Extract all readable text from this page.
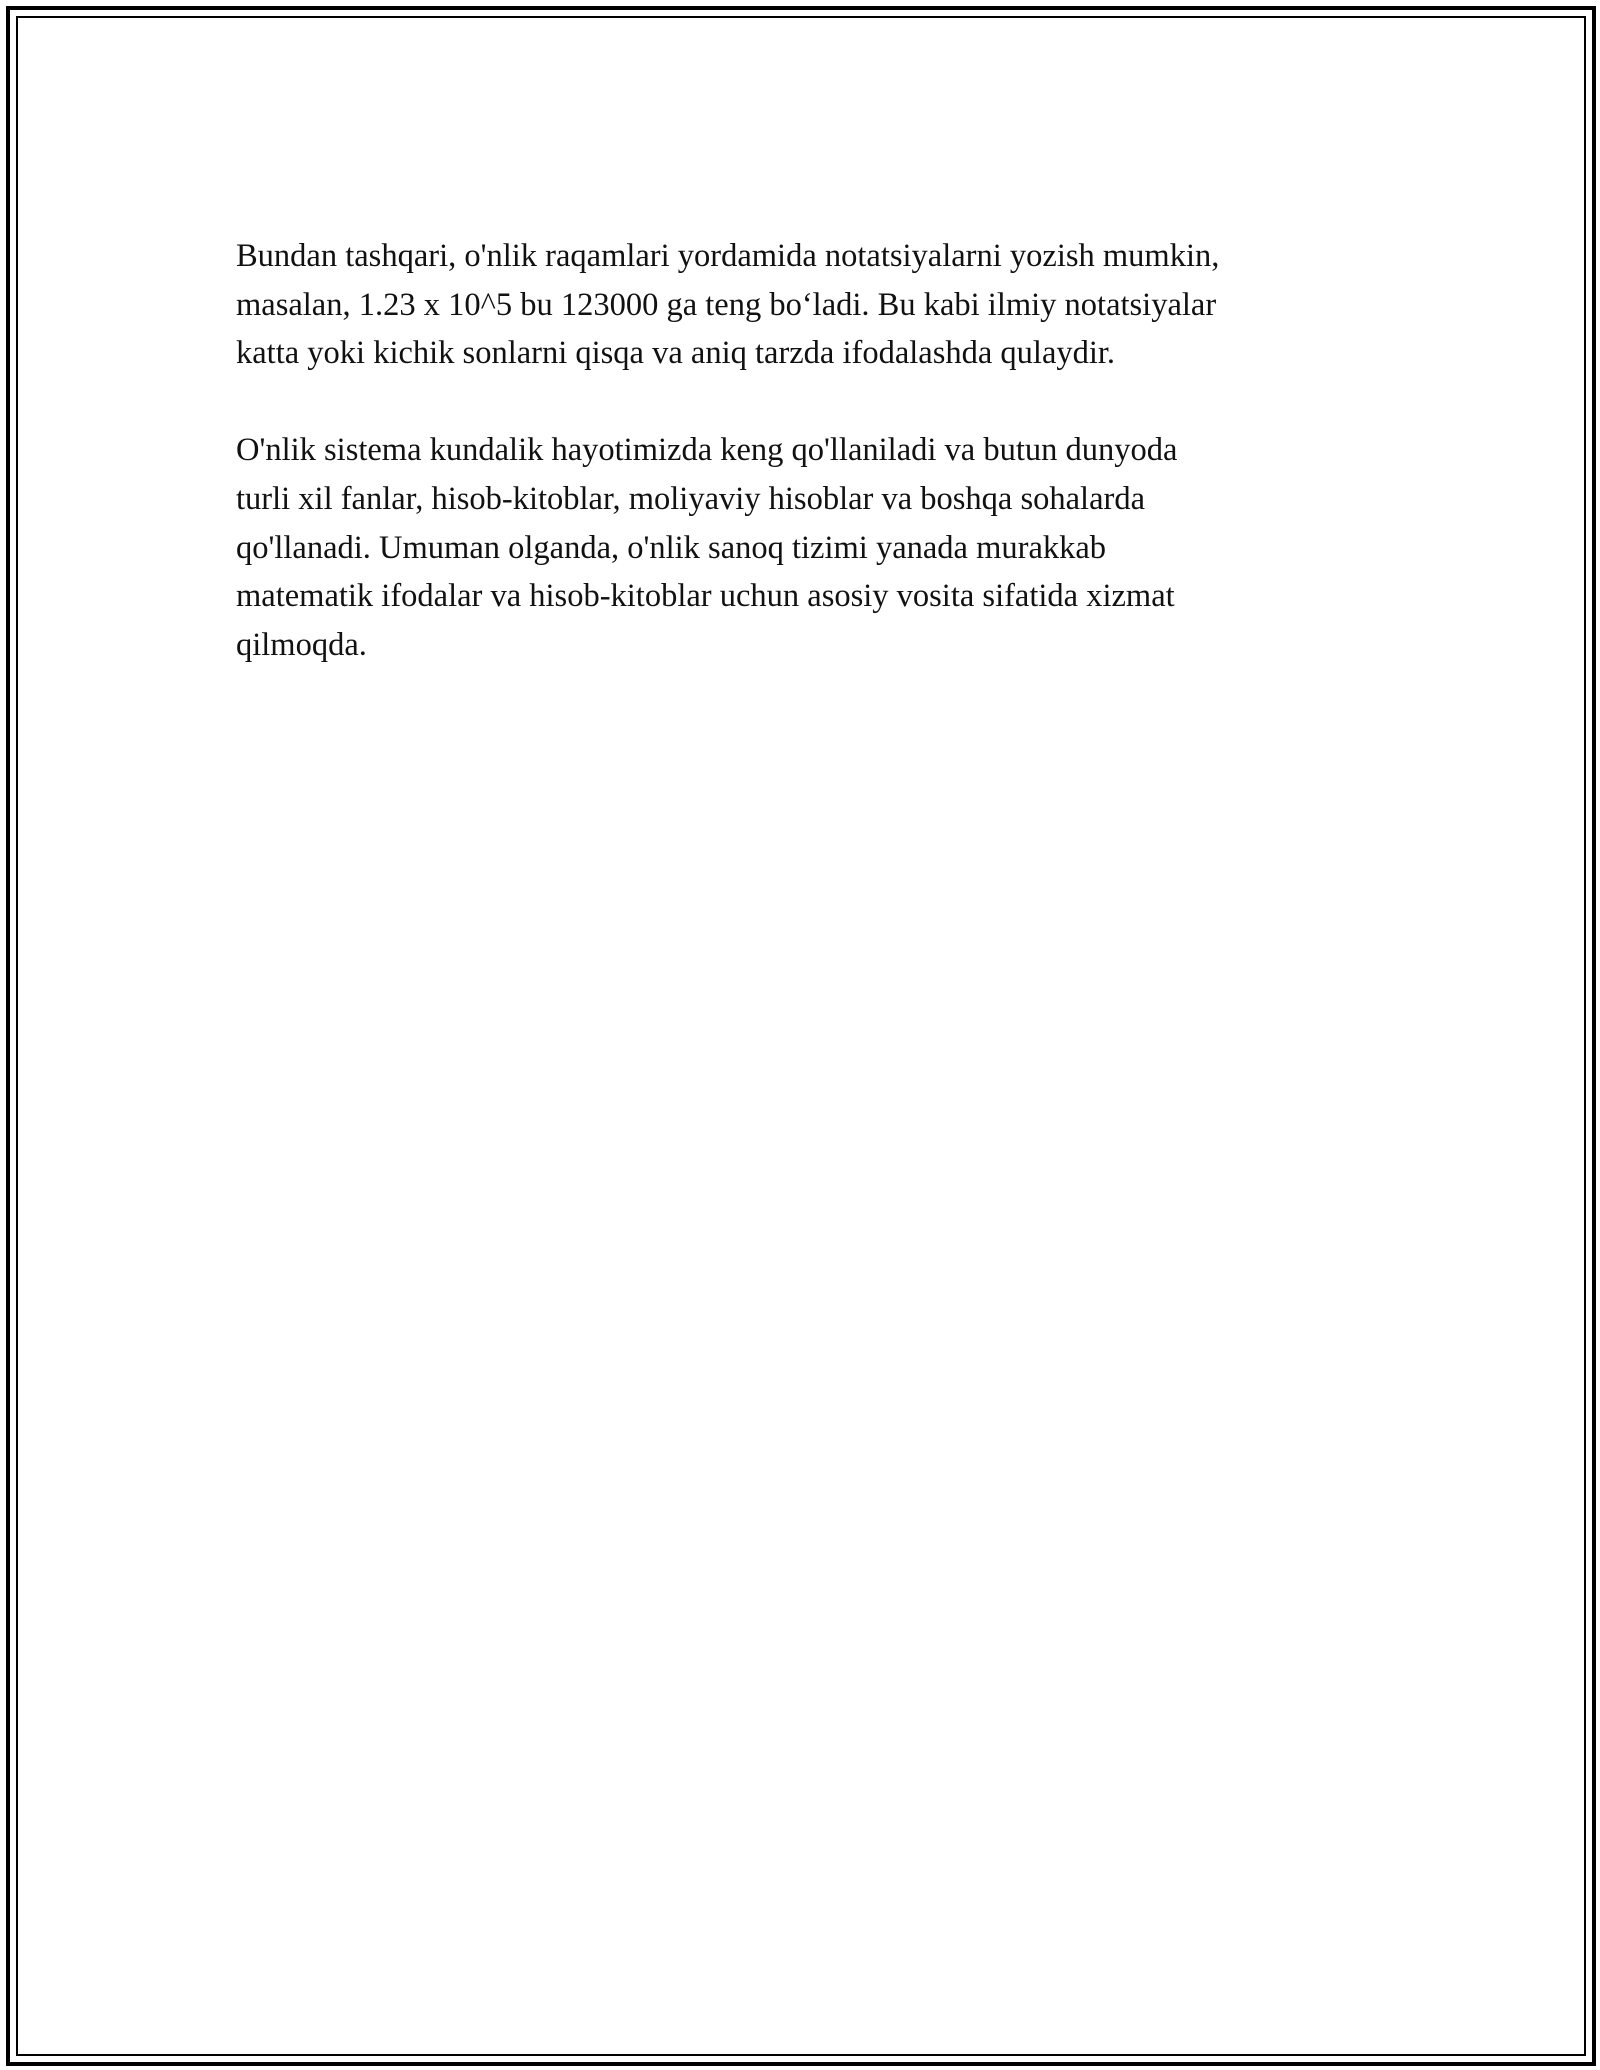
Bundan tashqari, o'nlik raqamlari yordamida notatsiyalarni yozish mumkin,
masalan, 1.23 x 10^5 bu 123000 ga teng bo‘ladi. Bu kabi ilmiy notatsiyalar
katta yoki kichik sonlarni qisqa va aniq tarzda ifodalashda qulaydir.

O'nlik sistema kundalik hayotimizda keng qo'llaniladi va butun dunyoda
turli xil fanlar, hisob-kitoblar, moliyaviy hisoblar va boshqa sohalarda
qo'llanadi. Umuman olganda, o'nlik sanoq tizimi yanada murakkab
matematik ifodalar va hisob-kitoblar uchun asosiy vosita sifatida xizmat
qilmoqda.
